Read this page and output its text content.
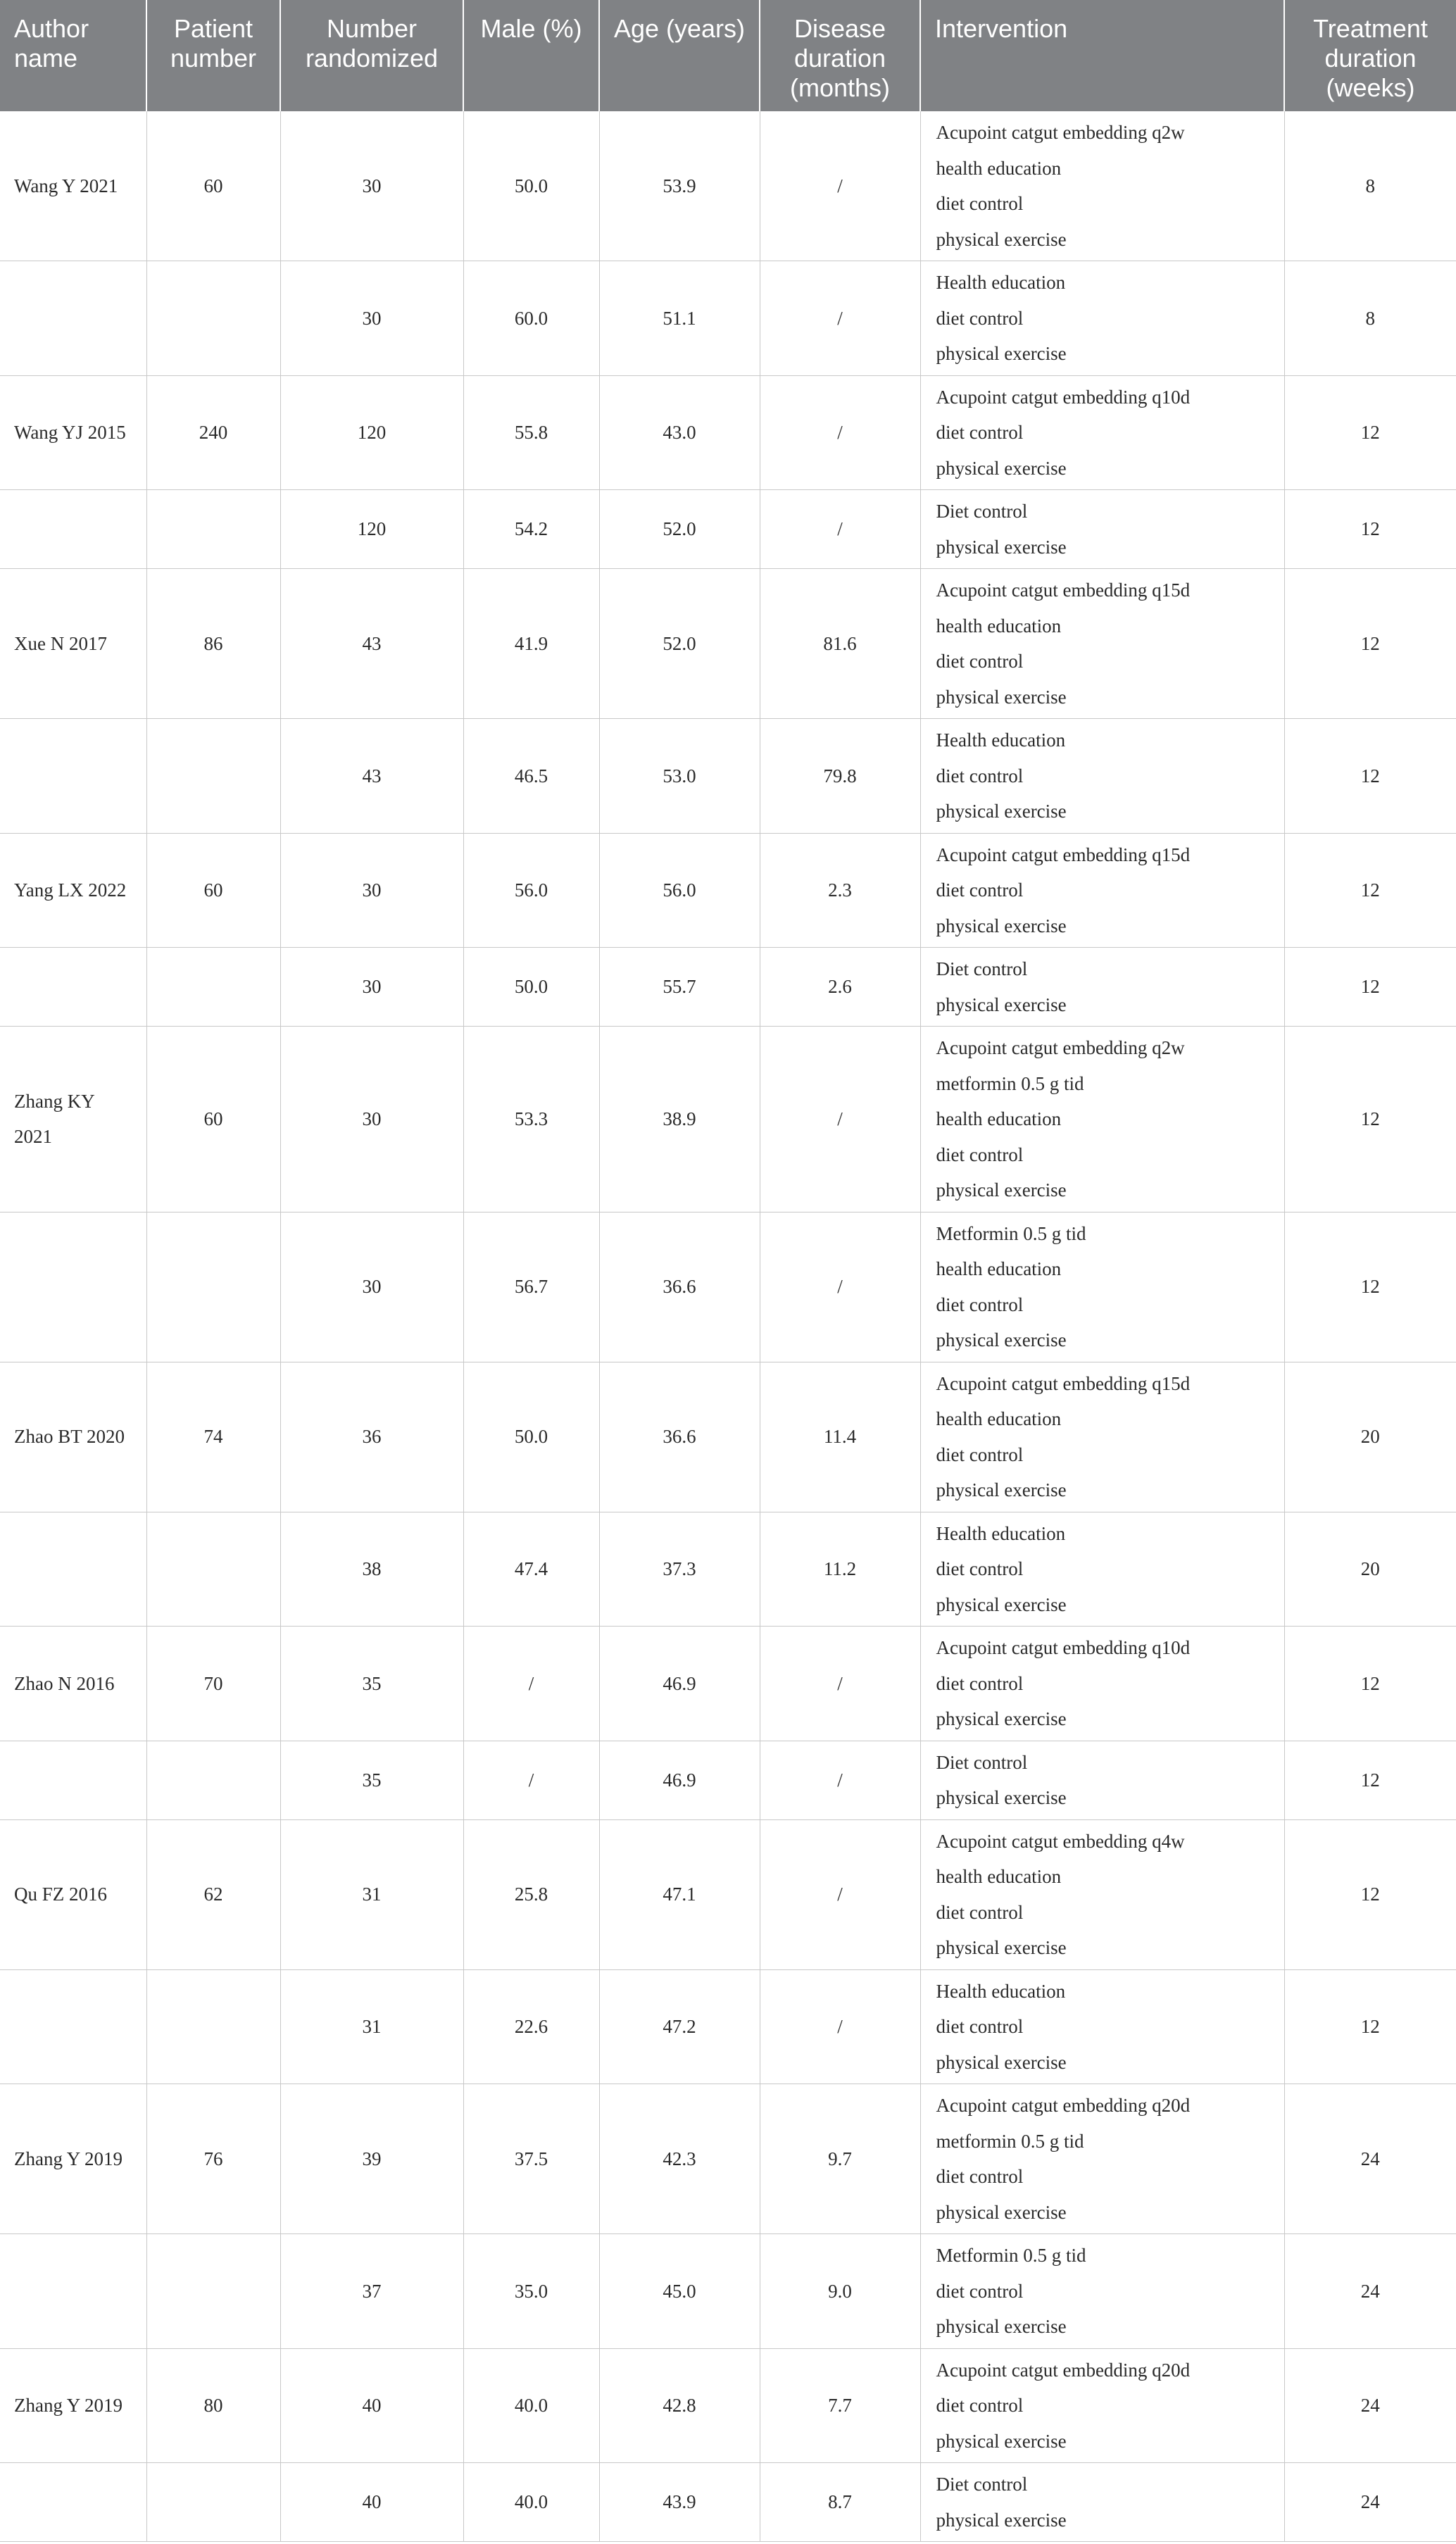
Author name	Patient number	Number randomized	Male (%)	Age (years)	Disease duration (months)	Intervention	Treatment duration (weeks)
Wang Y 2021	60	30	50.0	53.9	/	Acupoint catgut embedding q2w
health education
diet control
physical exercise	8
		30	60.0	51.1	/	Health education
diet control
physical exercise	8
Wang YJ 2015	240	120	55.8	43.0	/	Acupoint catgut embedding q10d
diet control
physical exercise	12
		120	54.2	52.0	/	Diet control
physical exercise	12
Xue N 2017	86	43	41.9	52.0	81.6	Acupoint catgut embedding q15d
health education
diet control
physical exercise	12
		43	46.5	53.0	79.8	Health education
diet control
physical exercise	12
Yang LX 2022	60	30	56.0	56.0	2.3	Acupoint catgut embedding q15d
diet control
physical exercise	12
		30	50.0	55.7	2.6	Diet control
physical exercise	12

Zhang KY
2021	60	30	53.3	38.9	/	Acupoint catgut embedding q2w
metformin 0.5 g tid
health education
diet control
physical exercise	12
		30	56.7	36.6	/	Metformin 0.5 g tid
health education
diet control
physical exercise	12
Zhao BT 2020	74	36	50.0	36.6	11.4	Acupoint catgut embedding q15d
health education
diet control
physical exercise	20
		38	47.4	37.3	11.2	Health education
diet control
physical exercise	20
Zhao N 2016	70	35	/	46.9	/	Acupoint catgut embedding q10d
diet control
physical exercise	12
		35	/	46.9	/	Diet control
physical exercise	12
Qu FZ 2016	62	31	25.8	47.1	/	Acupoint catgut embedding q4w
health education
diet control
physical exercise	12
		31	22.6	47.2	/	Health education
diet control
physical exercise	12
Zhang Y 2019	76	39	37.5	42.3	9.7	Acupoint catgut embedding q20d
metformin 0.5 g tid
diet control
physical exercise	24
		37	35.0	45.0	9.0	Metformin 0.5 g tid
diet control
physical exercise	24
Zhang Y 2019	80	40	40.0	42.8	7.7	Acupoint catgut embedding q20d
diet control
physical exercise	24
		40	40.0	43.9	8.7	Diet control
physical exercise	24
